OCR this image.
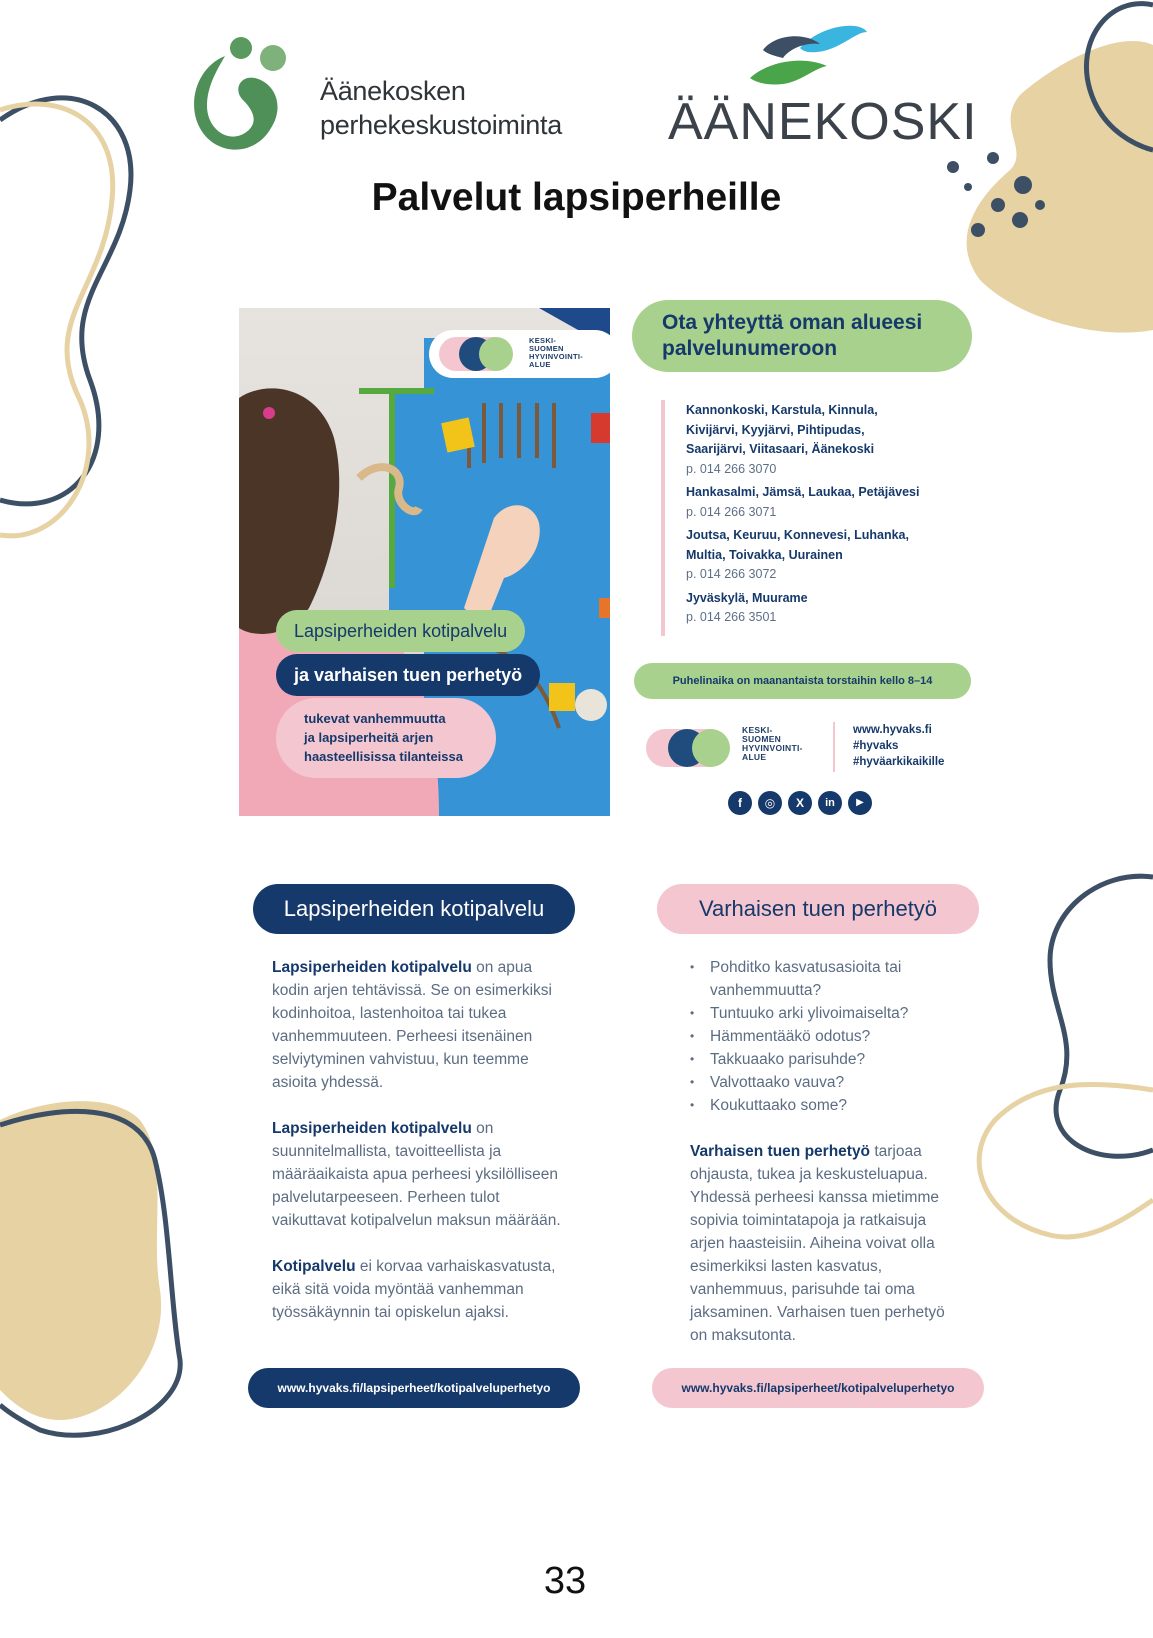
Äänekosken
perhekeskustoiminta ÄÄNEKOSKI
Palvelut lapsiperheille
KESKI-
SUOMEN
HYVINVOINTI-
ALUE
Lapsiperheiden kotipalvelu
ja varhaisen tuen perhetyö
tukevat vanhemmuutta
ja lapsiperheitä arjen
haasteellisissa tilanteissa
Ota yhteyttä oman alueesi
palvelunumeroon
Kannonkoski, Karstula, Kinnula,
Kivijärvi, Kyyjärvi, Pihtipudas,
Saarijärvi, Viitasaari, Äänekoski
p. 014 266 3070
Hankasalmi, Jämsä, Laukaa, Petäjävesi
p. 014 266 3071
Joutsa, Keuruu, Konnevesi, Luhanka,
Multia, Toivakka, Uurainen
p. 014 266 3072
Jyväskylä, Muurame
p. 014 266 3501
Puhelinaika on maanantaista torstaihin kello 8–14
KESKI-
SUOMEN
HYVINVOINTI-
ALUE
www.hyvaks.fi
#hyvaks
#hyväarkikaikille
f	◎	X	in	▶
Lapsiperheiden kotipalvelu

Lapsiperheiden kotipalvelu on apua kodin arjen tehtävissä. Se on esimerkiksi kodinhoitoa, lastenhoitoa tai tukea vanhemmuuteen. Perheesi itsenäinen selviytyminen vahvistuu, kun teemme asioita yhdessä.

Lapsiperheiden kotipalvelu on suunnitelmallista, tavoitteellista ja määräaikaista apua perheesi yksilölliseen palvelutarpeeseen. Perheen tulot vaikuttavat kotipalvelun maksun määrään.

Kotipalvelu ei korvaa varhaiskasvatusta, eikä sitä voida myöntää vanhemman työssäkäynnin tai opiskelun ajaksi.

www.hyvaks.fi/lapsiperheet/kotipalveluperhetyo
Varhaisen tuen perhetyö
• Pohditko kasvatusasioita tai vanhemmuutta?
• Tuntuuko arki ylivoimaiselta?
• Hämmentääkö odotus?
• Takkuaako parisuhde?
• Valvottaako vauva?
• Koukuttaako some?

Varhaisen tuen perhetyö tarjoaa ohjausta, tukea ja keskusteluapua. Yhdessä perheesi kanssa mietimme sopivia toimintatapoja ja ratkaisuja arjen haasteisiin. Aiheina voivat olla esimerkiksi lasten kasvatus, vanhemmuus, parisuhde tai oma jaksaminen. Varhaisen tuen perhetyö on maksutonta.

www.hyvaks.fi/lapsiperheet/kotipalveluperhetyo
33
